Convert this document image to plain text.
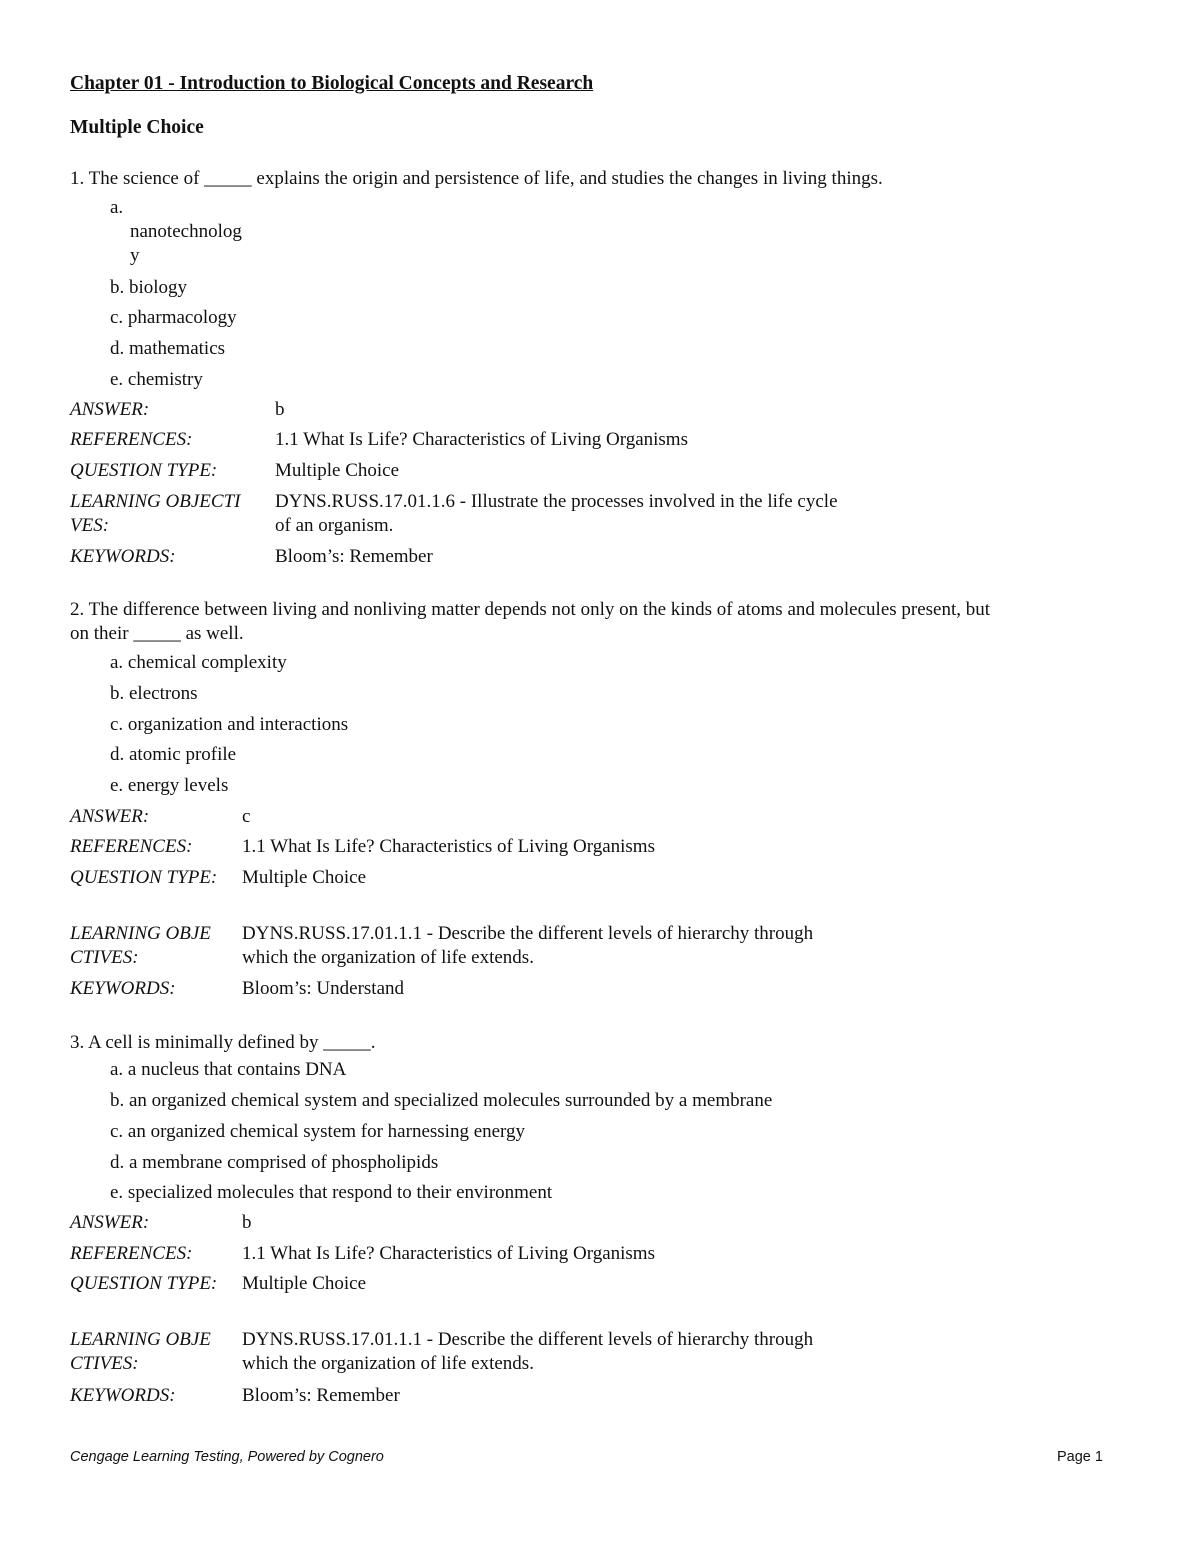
Chapter 01 - Introduction to Biological Concepts and Research
Multiple Choice
1. The science of _____ explains the origin and persistence of life, and studies the changes in living things.
a.
nanotechnolog
y
b. biology
c. pharmacology
d. mathematics
e. chemistry
ANSWER:	b
REFERENCES:	1.1 What Is Life? Characteristics of Living Organisms
QUESTION TYPE:	Multiple Choice
LEARNING OBJECTI
VES:
DYNS.RUSS.17.01.1.6 - Illustrate the processes involved in the life cycle
of an organism.
KEYWORDS:	Bloom’s: Remember
2. The difference between living and nonliving matter depends not only on the kinds of atoms and molecules present, but
on their _____ as well.
a. chemical complexity
b. electrons
c. organization and interactions
d. atomic profile
e. energy levels
ANSWER:	c
REFERENCES:	1.1 What Is Life? Characteristics of Living Organisms
QUESTION TYPE: Multiple Choice
LEARNING OBJE
CTIVES:
DYNS.RUSS.17.01.1.1 - Describe the different levels of hierarchy through
which the organization of life extends.
KEYWORDS:	Bloom’s: Understand
3. A cell is minimally defined by _____.
a. a nucleus that contains DNA
b. an organized chemical system and specialized molecules surrounded by a membrane
c. an organized chemical system for harnessing energy
d. a membrane comprised of phospholipids
e. specialized molecules that respond to their environment
ANSWER:	b
REFERENCES:	1.1 What Is Life? Characteristics of Living Organisms
QUESTION TYPE: Multiple Choice
LEARNING OBJE
CTIVES:
DYNS.RUSS.17.01.1.1 - Describe the different levels of hierarchy through
which the organization of life extends.
KEYWORDS:	Bloom’s: Remember
Cengage Learning Testing, Powered by Cognero	Page 1
